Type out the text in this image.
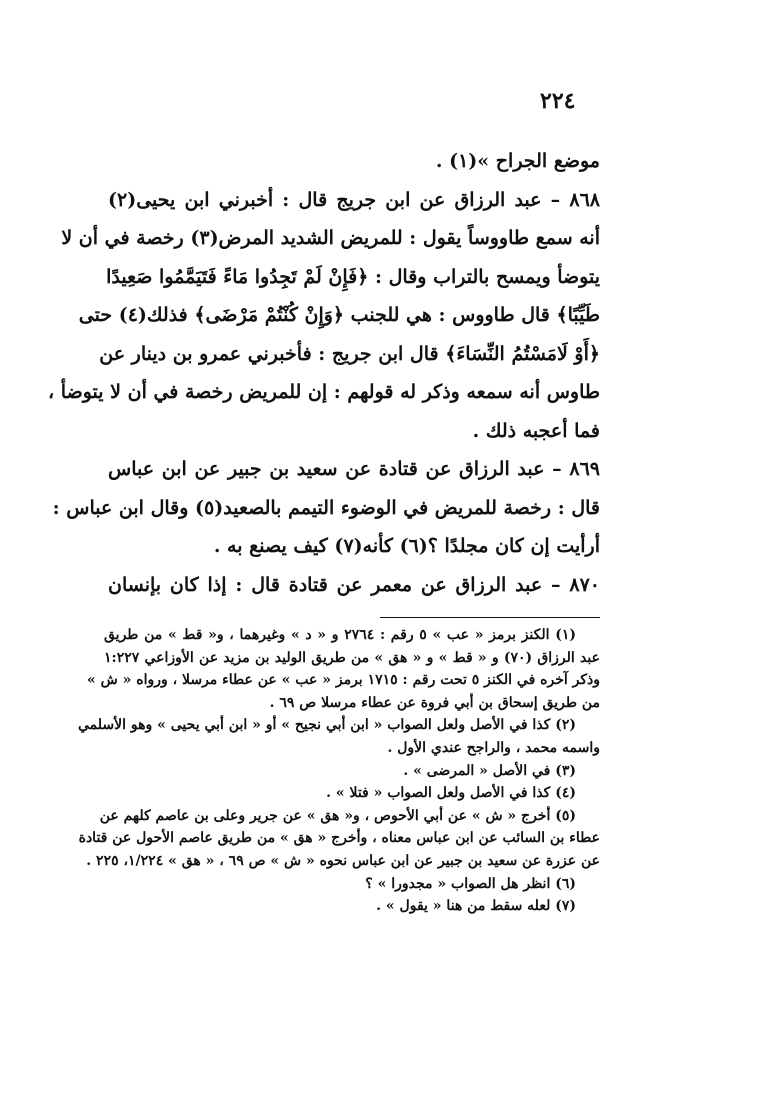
٢٢٤
موضع الجراح »(١) .
٨٦٨ – عبد الرزاق عن ابن جريج قال : أخبرني ابن يحيى(٢)
أنه سمع طاووساً يقول : للمريض الشديد المرض(٣) رخصة في أن لا
يتوضأ ويمسح بالتراب وقال : ﴿فَإِنْ لَمْ تَجِدُوا مَاءً فَتَيَمَّمُوا صَعِيدًا
طَيِّبًا﴾ قال طاووس : هي للجنب ﴿وَإِنْ كُنْتُمْ مَرْضَى﴾ فذلك(٤) حتى
﴿أَوْ لَامَسْتُمُ النِّسَاءَ﴾ قال ابن جريج : فأخبرني عمرو بن دينار عن
طاوس أنه سمعه وذكر له قولهم : إن للمريض رخصة في أن لا يتوضأ ،
فما أعجبه ذلك .
٨٦٩ – عبد الرزاق عن قتادة عن سعيد بن جبير عن ابن عباس
قال : رخصة للمريض في الوضوء التيمم بالصعيد(٥) وقال ابن عباس :
أرأيت إن كان مجلدًا ؟(٦) كأنه(٧) كيف يصنع به .
٨٧٠ – عبد الرزاق عن معمر عن قتادة قال : إذا كان بإنسان
(١) الكنز برمز « عب » ٥ رقم : ٢٧٦٤ و « د » وغيرهما ، و« قط » من طريق
عبد الرزاق (٧٠) و « قط » و « هق » من طريق الوليد بن مزيد عن الأوزاعي ١:٢٢٧
وذكر آخره في الكنز ٥ تحت رقم : ١٧١٥ برمز « عب » عن عطاء مرسلا ، ورواه « ش »
من طريق إسحاق بن أبي فروة عن عطاء مرسلا ص ٦٩ .
(٢) كذا في الأصل ولعل الصواب « ابن أبي نجيح » أو « ابن أبي يحيى » وهو الأسلمي
واسمه محمد ، والراجح عندي الأول .
(٣) في الأصل « المرضى » .
(٤) كذا في الأصل ولعل الصواب « فتلا » .
(٥) أخرج « ش » عن أبي الأحوص ، و« هق » عن جرير وعلى بن عاصم كلهم عن
عطاء بن السائب عن ابن عباس معناه ، وأخرج « هق » من طريق عاصم الأحول عن قتادة
عن عزرة عن سعيد بن جبير عن ابن عباس نحوه « ش » ص ٦٩ ، « هق » ١/٢٢٤، ٢٢٥ .
(٦) انظر هل الصواب « مجدورا » ؟
(٧) لعله سقط من هنا « يقول » .
